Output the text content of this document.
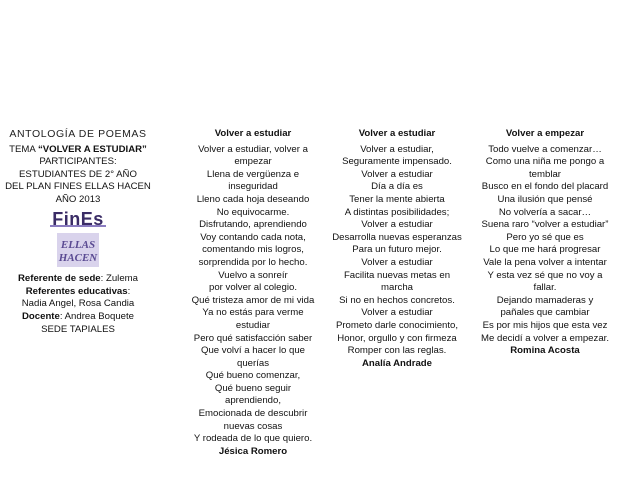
ANTOLOGÍA DE POEMAS
TEMA “VOLVER A ESTUDIAR”
PARTICIPANTES:
ESTUDIANTES DE 2° AÑO
DEL PLAN FINES ELLAS HACEN
AÑO 2013
FinEs
ELLAS
HACEN

Referente de sede: Zulema

Referentes educativas:

Nadia Angel, Rosa Candia

Docente: Andrea Boquete

SEDE TAPIALES

Volver a estudiar
Volver a estudiar, volver a
empezar
Llena de vergüenza e
inseguridad
Lleno cada hoja deseando
No equivocarme.
Disfrutando, aprendiendo
Voy contando cada nota,
comentando mis logros,
sorprendida por lo hecho.
Vuelvo a sonreír
por volver al colegio.
Qué tristeza amor de mi vida
Ya no estás para verme
estudiar
Pero qué satisfacción saber
Que volví a hacer lo que
querías
Qué bueno comenzar,
Qué bueno seguir
aprendiendo,
Emocionada de descubrir
nuevas cosas
Y rodeada de lo que quiero.
Jésica Romero
Volver a estudiar
Volver a estudiar,
Seguramente impensado.
Volver a estudiar
Día a día es
Tener la mente abierta
A distintas posibilidades;
Volver a estudiar
Desarrolla nuevas esperanzas
Para un futuro mejor.
Volver a estudiar
Facilita nuevas metas en
marcha
Si no en hechos concretos.
Volver a estudiar
Prometo darle conocimiento,
Honor, orgullo y con firmeza
Romper con las reglas.
Analía Andrade
Volver a empezar
Todo vuelve a comenzar…
Como una niña me pongo a
temblar
Busco en el fondo del placard
Una ilusión que pensé
No volvería a sacar…
Suena raro “volver a estudiar”
Pero yo sé que es
Lo que me hará progresar
Vale la pena volver a intentar
Y esta vez sé que no voy a
fallar.
Dejando mamaderas y
pañales que cambiar
Es por mis hijos que esta vez
Me decidí a volver a empezar.
Romina Acosta
